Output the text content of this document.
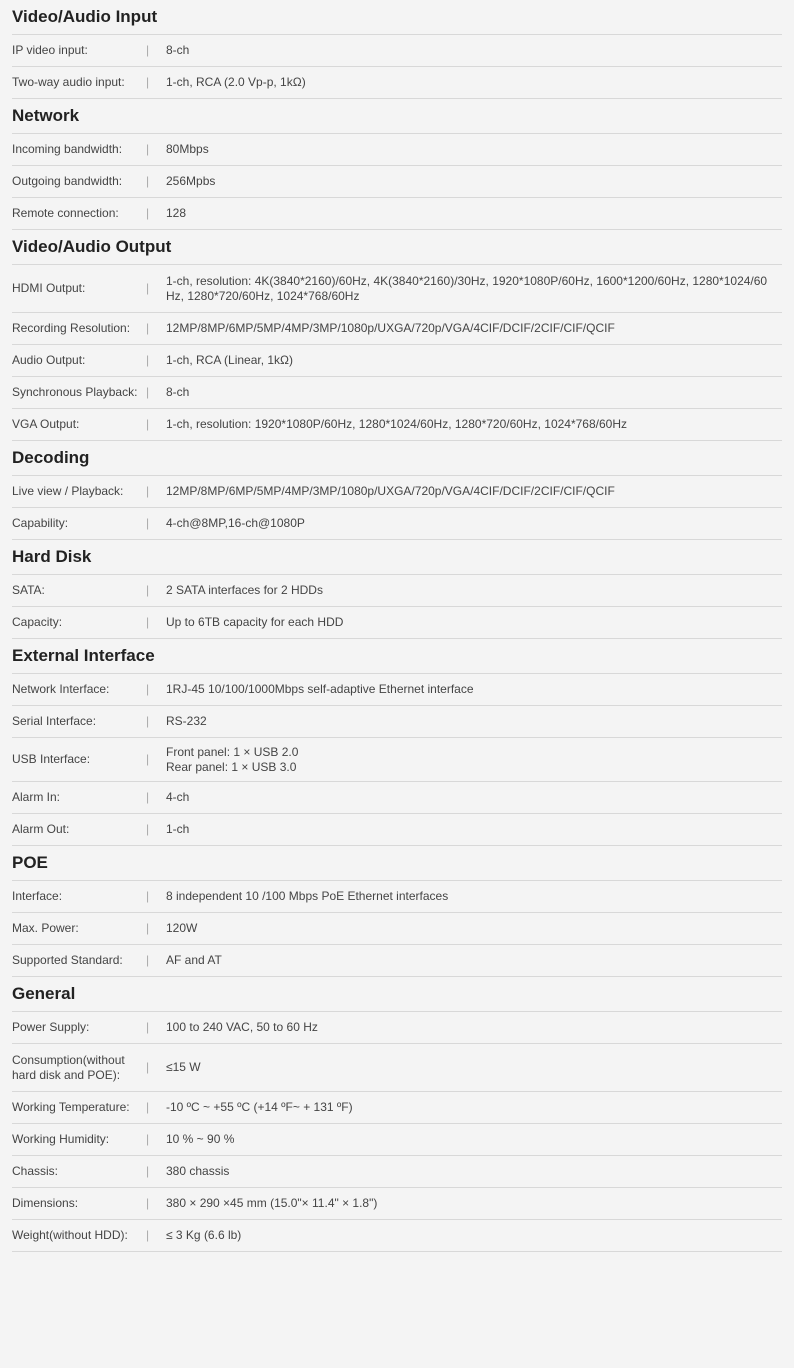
Video/Audio Input
IP video input:	|	8-ch
Two-way audio input:	|	1-ch, RCA (2.0 Vp-p, 1kΩ)
Network
Incoming bandwidth:	|	80Mbps
Outgoing bandwidth:	|	256Mpbs
Remote connection:	|	128
Video/Audio Output
HDMI Output:	|
1-ch, resolution: 4K(3840*2160)/60Hz, 4K(3840*2160)/30Hz, 1920*1080P/60Hz, 1600*1200/60Hz, 1280*1024/60
Hz, 1280*720/60Hz, 1024*768/60Hz
Recording Resolution:	|	12MP/8MP/6MP/5MP/4MP/3MP/1080p/UXGA/720p/VGA/4CIF/DCIF/2CIF/CIF/QCIF
Audio Output:	|	1-ch, RCA (Linear, 1kΩ)
Synchronous Playback: |	8-ch
VGA Output:	|	1-ch, resolution: 1920*1080P/60Hz, 1280*1024/60Hz, 1280*720/60Hz, 1024*768/60Hz
Decoding
Live view / Playback:	|	12MP/8MP/6MP/5MP/4MP/3MP/1080p/UXGA/720p/VGA/4CIF/DCIF/2CIF/CIF/QCIF
Capability:	|	4-ch@8MP,16-ch@1080P
Hard Disk
SATA:	|	2 SATA interfaces for 2 HDDs
Capacity:	|	Up to 6TB capacity for each HDD
External Interface
Network Interface:	|	1RJ-45 10/100/1000Mbps self-adaptive Ethernet interface
Serial Interface:	|	RS-232
USB Interface:	|
Front panel: 1 × USB 2.0
Rear panel: 1 × USB 3.0
Alarm In:	|	4-ch
Alarm Out:	|	1-ch
POE
Interface:	|	8 independent 10 /100 Mbps PoE Ethernet interfaces
Max. Power:	|	120W
Supported Standard:	|	AF and AT
General
Power Supply:	|	100 to 240 VAC, 50 to 60 Hz
Consumption(without hard disk and POE):
|	≤15 W
Working Temperature:	|	-10 ºC ~ +55 ºC (+14 ºF~ + 131 ºF)
Working Humidity:	|	10 % ~ 90 %
Chassis:	|	380 chassis
Dimensions:	|	380 × 290 ×45 mm (15.0"× 11.4" × 1.8")
Weight(without HDD):	|	≤ 3 Kg (6.6 lb)
